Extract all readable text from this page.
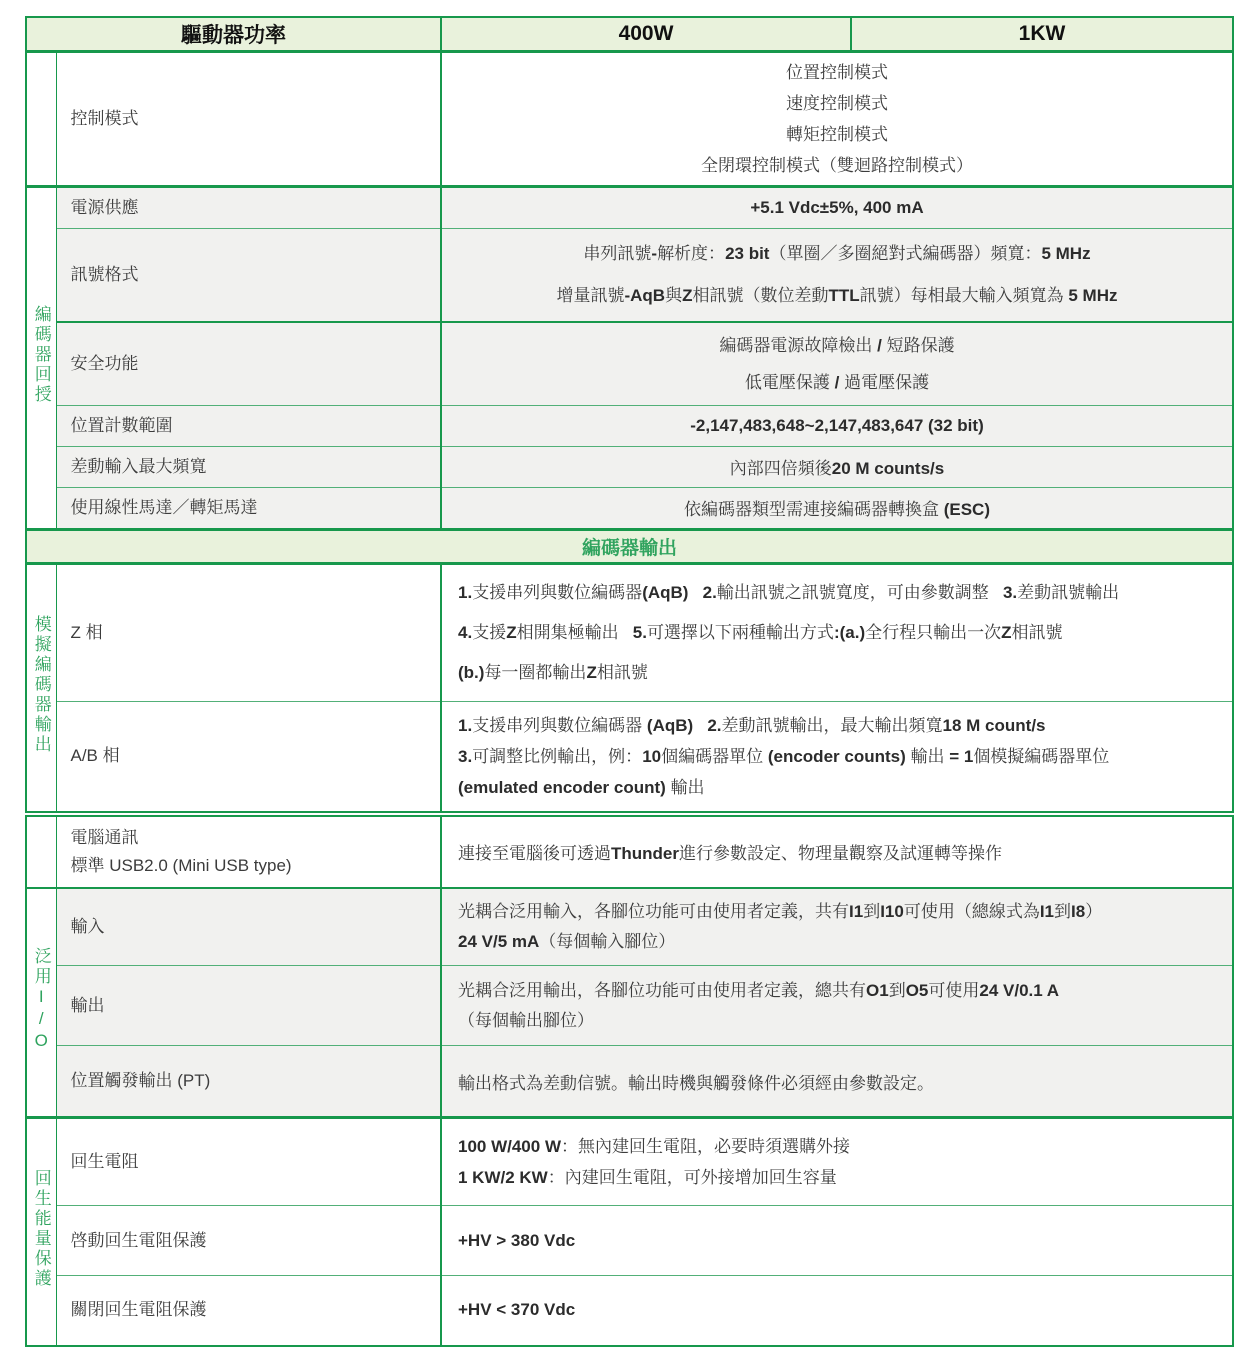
驅動器功率		400W	1KW
	控制模式	位置控制模式
速度控制模式
轉矩控制模式
全閉環控制模式（雙迴路控制模式）	

編碼器回授	電源供應	+5.1 Vdc±5%, 400 mA	
	訊號格式	串列訊號-解析度：23 bit（單圈／多圈絕對式編碼器）頻寬：5 MHz
增量訊號-AqB與Z相訊號（數位差動TTL訊號）每相最大輸入頻寬為 5 MHz	

	安全功能	編碼器電源故障檢出 / 短路保護
低電壓保護 / 過電壓保護	

	位置計數範圍	-2,147,483,648~2,147,483,647 (32 bit)	
	差動輸入最大頻寬	內部四倍頻後20 M counts/s	
	使用線性馬達／轉矩馬達	依編碼器類型需連接編碼器轉換盒 (ESC)	
編碼器輸出			
模擬編碼器輸出	Z 相	1.支援串列與數位編碼器(AqB)   2.輸出訊號之訊號寬度，可由參數調整   3.差動訊號輸出
4.支援Z相開集極輸出   5.可選擇以下兩種輸出方式:(a.)全行程只輸出一次Z相訊號
(b.)每一圈都輸出Z相訊號	

	A/B 相	1.支援串列與數位編碼器 (AqB)   2.差動訊號輸出，最大輸出頻寬18 M count/s
3.可調整比例輸出，例：10個編碼器單位 (encoder counts) 輸出 = 1個模擬編碼器單位
(emulated encoder count) 輸出	

	電腦通訊
標準 USB2.0 (Mini USB type)	連接至電腦後可透過Thunder進行參數設定、物理量觀察及試運轉等操作	
泛用I/O	輸入	光耦合泛用輸入，各腳位功能可由使用者定義，共有I1到I10可使用（總線式為I1到I8）
24 V/5 mA（每個輸入腳位）	

	輸出	光耦合泛用輸出，各腳位功能可由使用者定義，總共有O1到O5可使用24 V/0.1 A
（每個輸出腳位）	

	位置觸發輸出 (PT)	輸出格式為差動信號。輸出時機與觸發條件必須經由參數設定。	
回生能量保護	回生電阻	100 W/400 W：無內建回生電阻，必要時須選購外接
1 KW/2 KW：內建回生電阻，可外接增加回生容量	

	啓動回生電阻保護	+HV > 380 Vdc	
	關閉回生電阻保護	+HV < 370 Vdc	
